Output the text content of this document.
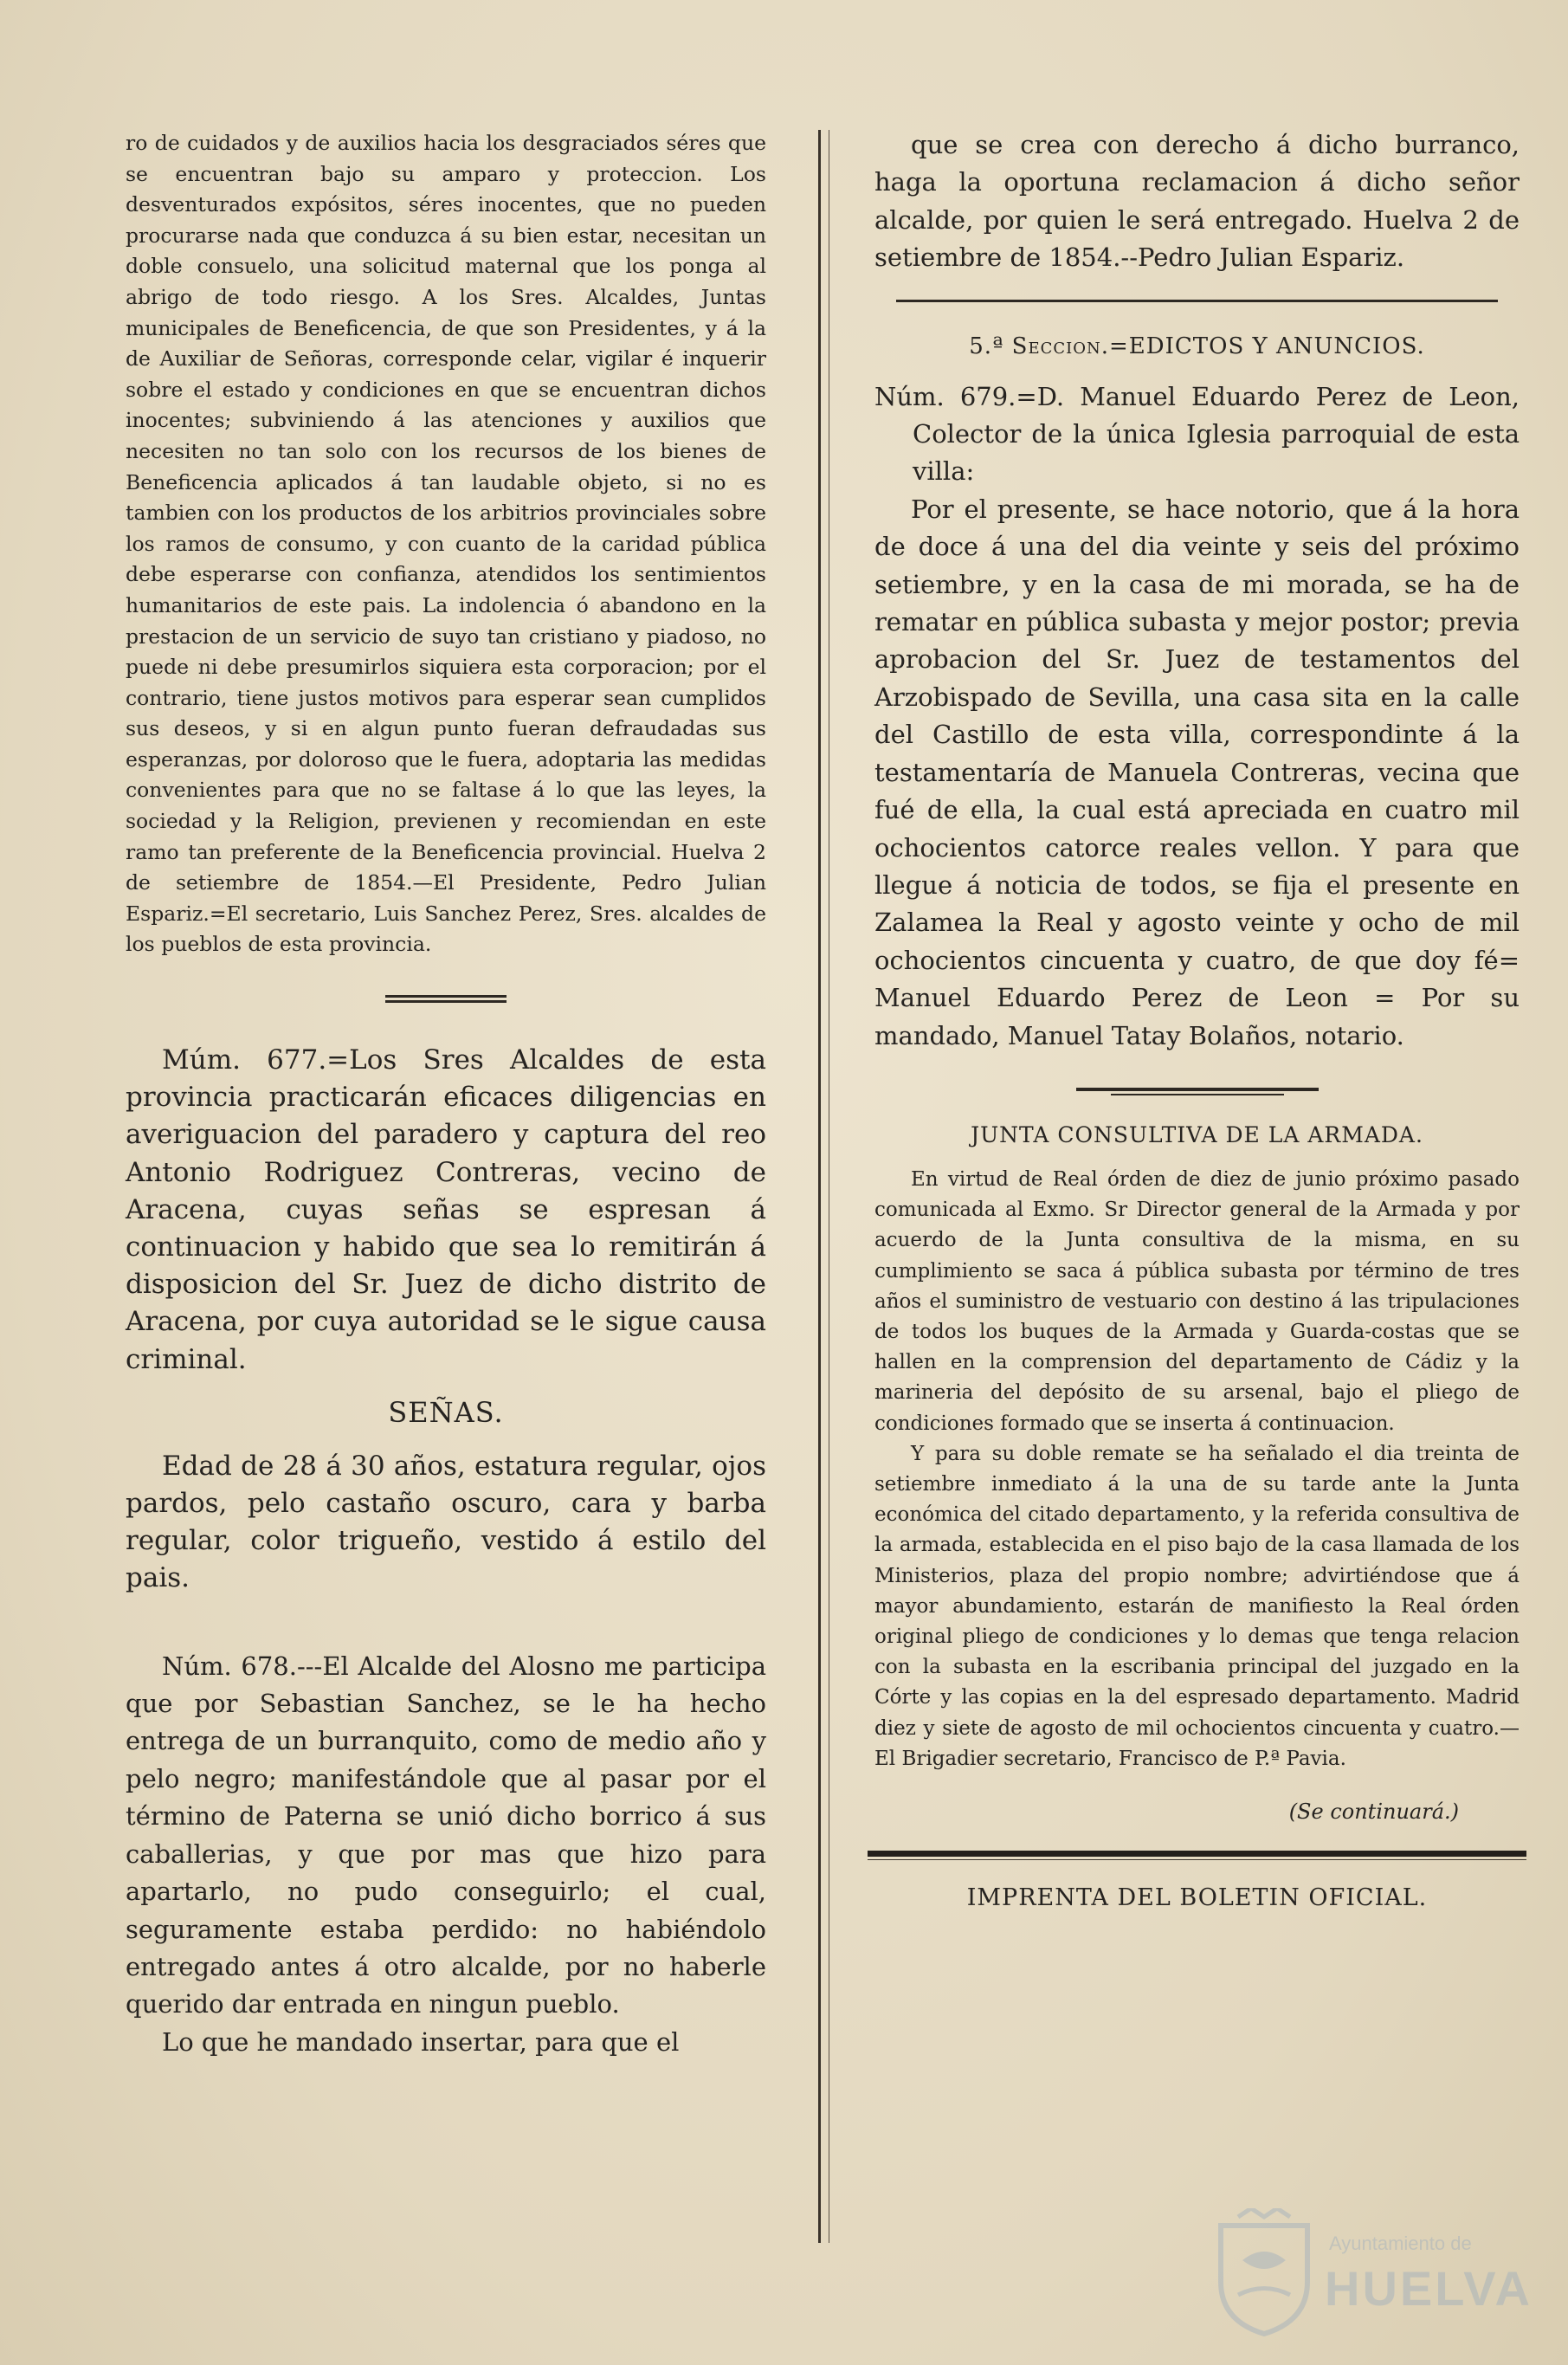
ro de cuidados y de auxilios hacia los desgraciados séres que se encuentran bajo su amparo y proteccion. Los desventurados expósitos, séres inocentes, que no pueden procurarse nada que conduzca á su bien estar, necesitan un doble consuelo, una solicitud maternal que los ponga al abrigo de todo riesgo. A los Sres. Alcaldes, Juntas municipales de Beneficencia, de que son Presidentes, y á la de Auxiliar de Señoras, corresponde celar, vigilar é inquerir sobre el estado y condiciones en que se encuentran dichos inocentes; subviniendo á las atenciones y auxilios que necesiten no tan solo con los recursos de los bienes de Beneficencia aplicados á tan laudable objeto, si no es tambien con los productos de los arbitrios provinciales sobre los ramos de consumo, y con cuanto de la caridad pública debe esperarse con confianza, atendidos los sentimientos humanitarios de este pais. La indolencia ó abandono en la prestacion de un servicio de suyo tan cristiano y piadoso, no puede ni debe presumirlos siquiera esta corporacion; por el contrario, tiene justos motivos para esperar sean cumplidos sus deseos, y si en algun punto fueran defraudadas sus esperanzas, por doloroso que le fuera, adoptaria las medidas convenientes para que no se faltase á lo que las leyes, la sociedad y la Religion, previenen y recomiendan en este ramo tan preferente de la Beneficencia provincial. Huelva 2 de setiembre de 1854.—El Presidente, Pedro Julian Espariz.=El secretario, Luis Sanchez Perez, Sres. alcaldes de los pueblos de esta provincia.

Múm. 677.=Los Sres Alcaldes de esta provincia practicarán eficaces diligencias en averiguacion del paradero y captura del reo Antonio Rodriguez Contreras, vecino de Aracena, cuyas señas se espresan á continuacion y habido que sea lo remitirán á disposicion del Sr. Juez de dicho distrito de Aracena, por cuya autoridad se le sigue causa criminal.

SEÑAS.

Edad de 28 á 30 años, estatura regular, ojos pardos, pelo castaño oscuro, cara y barba regular, color trigueño, vestido á estilo del pais.

Núm. 678.---El Alcalde del Alosno me participa que por Sebastian Sanchez, se le ha hecho entrega de un burranquito, como de medio año y pelo negro; manifestándole que al pasar por el término de Paterna se unió dicho borrico á sus caballerias, y que por mas que hizo para apartarlo, no pudo conseguirlo; el cual, seguramente estaba perdido: no habiéndolo entregado antes á otro alcalde, por no haberle querido dar entrada en ningun pueblo.

Lo que he mandado insertar, para que el

que se crea con derecho á dicho burranco, haga la oportuna reclamacion á dicho señor alcalde, por quien le será entregado. Huelva 2 de setiembre de 1854.--Pedro Julian Espariz.

5.ª Seccion.=EDICTOS Y ANUNCIOS.

Núm. 679.=D. Manuel Eduardo Perez de Leon, Colector de la única Iglesia parroquial de esta villa:

Por el presente, se hace notorio, que á la hora de doce á una del dia veinte y seis del próximo setiembre, y en la casa de mi morada, se ha de rematar en pública subasta y mejor postor; previa aprobacion del Sr. Juez de testamentos del Arzobispado de Sevilla, una casa sita en la calle del Castillo de esta villa, correspondinte á la testamentaría de Manuela Contreras, vecina que fué de ella, la cual está apreciada en cuatro mil ochocientos catorce reales vellon. Y para que llegue á noticia de todos, se fija el presente en Zalamea la Real y agosto veinte y ocho de mil ochocientos cincuenta y cuatro, de que doy fé= Manuel Eduardo Perez de Leon = Por su mandado, Manuel Tatay Bolaños, notario.

JUNTA CONSULTIVA DE LA ARMADA.

En virtud de Real órden de diez de junio próximo pasado comunicada al Exmo. Sr Director general de la Armada y por acuerdo de la Junta consultiva de la misma, en su cumplimiento se saca á pública subasta por término de tres años el suministro de vestuario con destino á las tripulaciones de todos los buques de la Armada y Guarda-costas que se hallen en la comprension del departamento de Cádiz y la marineria del depósito de su arsenal, bajo el pliego de condiciones formado que se inserta á continuacion.

Y para su doble remate se ha señalado el dia treinta de setiembre inmediato á la una de su tarde ante la Junta económica del citado departamento, y la referida consultiva de la armada, establecida en el piso bajo de la casa llamada de los Ministerios, plaza del propio nombre; advirtiéndose que á mayor abundamiento, estarán de manifiesto la Real órden original pliego de condiciones y lo demas que tenga relacion con la subasta en la escribania principal del juzgado en la Córte y las copias en la del espresado departamento. Madrid diez y siete de agosto de mil ochocientos cincuenta y cuatro.—El Brigadier secretario, Francisco de P.ª Pavia.

(Se continuará.)

IMPRENTA DEL BOLETIN OFICIAL.

Ayuntamiento de
HUELVA
